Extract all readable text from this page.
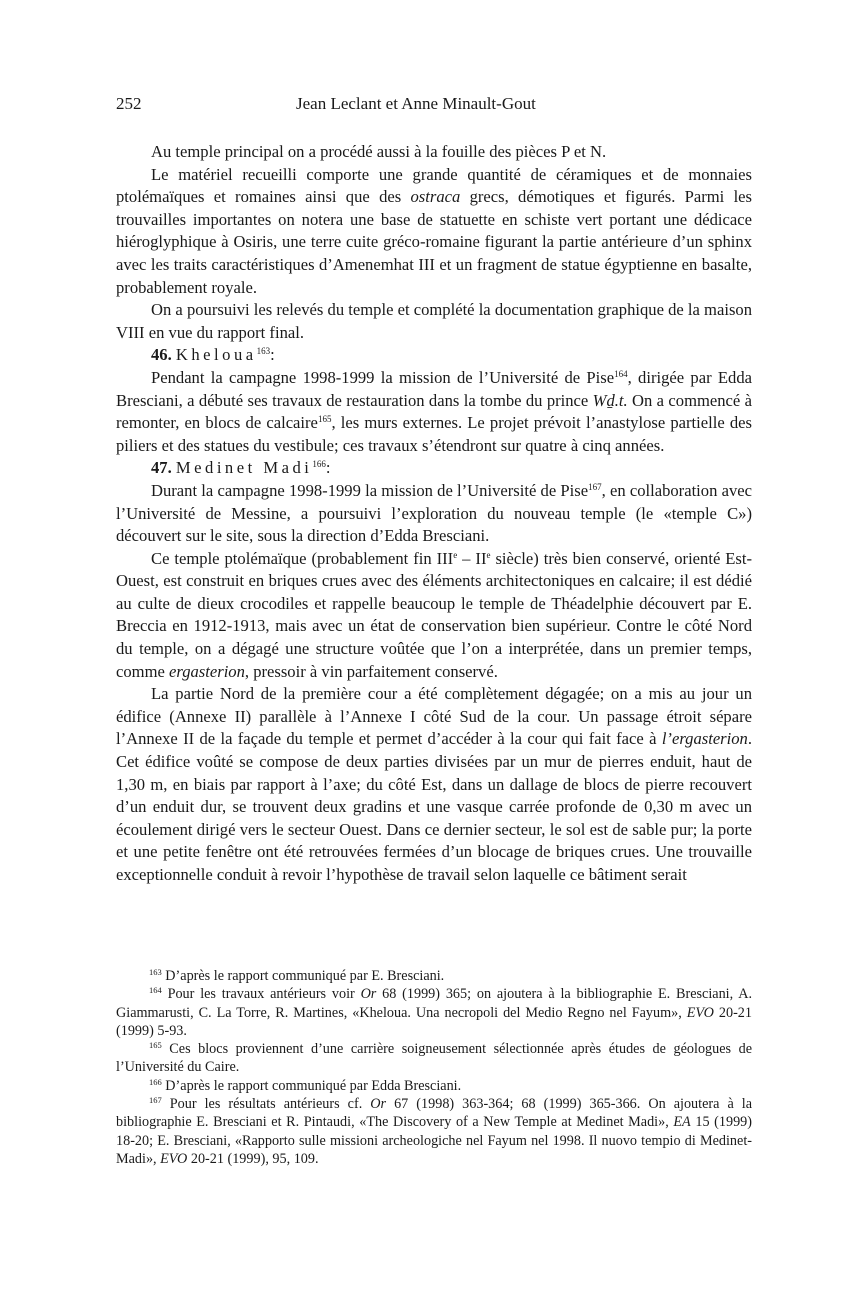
252	Jean Leclant et Anne Minault-Gout

Au temple principal on a procédé aussi à la fouille des pièces P et N.

Le matériel recueilli comporte une grande quantité de céramiques et de monnaies ptolémaïques et romaines ainsi que des ostraca grecs, démotiques et figurés. Parmi les trouvailles importantes on notera une base de statuette en schiste vert portant une dédicace hiéroglyphique à Osiris, une terre cuite gréco-romaine figurant la partie antérieure d’un sphinx avec les traits caractéristiques d’Amenemhat III et un fragment de statue égyptienne en basalte, probablement royale.

On a poursuivi les relevés du temple et complété la documentation graphique de la maison VIII en vue du rapport final.

46. Kheloua$^{163}$:

Pendant la campagne 1998-1999 la mission de l’Université de Pise$^{164}$, dirigée par Edda Bresciani, a débuté ses travaux de restauration dans la tombe du prince Wḏ.t. On a commencé à remonter, en blocs de calcaire$^{165}$, les murs externes. Le projet prévoit l’anastylose partielle des piliers et des statues du vestibule; ces travaux s’étendront sur quatre à cinq années.

47. Medinet Madi$^{166}$:

Durant la campagne 1998-1999 la mission de l’Université de Pise$^{167}$, en collaboration avec l’Université de Messine, a poursuivi l’exploration du nouveau temple (le «temple C») découvert sur le site, sous la direction d’Edda Bresciani.

Ce temple ptolémaïque (probablement fin IIIe – IIe siècle) très bien conservé, orienté Est-Ouest, est construit en briques crues avec des éléments architectoniques en calcaire; il est dédié au culte de dieux crocodiles et rappelle beaucoup le temple de Théadelphie découvert par E. Breccia en 1912-1913, mais avec un état de conservation bien supérieur. Contre le côté Nord du temple, on a dégagé une structure voûtée que l’on a interprétée, dans un premier temps, comme ergasterion, pressoir à vin parfaitement conservé.

La partie Nord de la première cour a été complètement dégagée; on a mis au jour un édifice (Annexe II) parallèle à l’Annexe I côté Sud de la cour. Un passage étroit sépare l’Annexe II de la façade du temple et permet d’accéder à la cour qui fait face à l’ergasterion. Cet édifice voûté se compose de deux parties divisées par un mur de pierres enduit, haut de 1,30 m, en biais par rapport à l’axe; du côté Est, dans un dallage de blocs de pierre recouvert d’un enduit dur, se trouvent deux gradins et une vasque carrée profonde de 0,30 m avec un écoulement dirigé vers le secteur Ouest. Dans ce dernier secteur, le sol est de sable pur; la porte et une petite fenêtre ont été retrouvées fermées d’un blocage de briques crues. Une trouvaille exceptionnelle conduit à revoir l’hypothèse de travail selon laquelle ce bâtiment serait

$^{163}$ D’après le rapport communiqué par E. Bresciani.

$^{164}$ Pour les travaux antérieurs voir Or 68 (1999) 365; on ajoutera à la bibliographie E. Bresciani, A. Giammarusti, C. La Torre, R. Martines, «Kheloua. Una necropoli del Medio Regno nel Fayum», EVO 20-21 (1999) 5-93.

$^{165}$ Ces blocs proviennent d’une carrière soigneusement sélectionnée après études de géologues de l’Université du Caire.

$^{166}$ D’après le rapport communiqué par Edda Bresciani.

$^{167}$ Pour les résultats antérieurs cf. Or 67 (1998) 363-364; 68 (1999) 365-366. On ajoutera à la bibliographie E. Bresciani et R. Pintaudi, «The Discovery of a New Temple at Medinet Madi», EA 15 (1999) 18-20; E. Bresciani, «Rapporto sulle missioni archeologiche nel Fayum nel 1998. Il nuovo tempio di Medinet-Madi», EVO 20-21 (1999), 95, 109.
